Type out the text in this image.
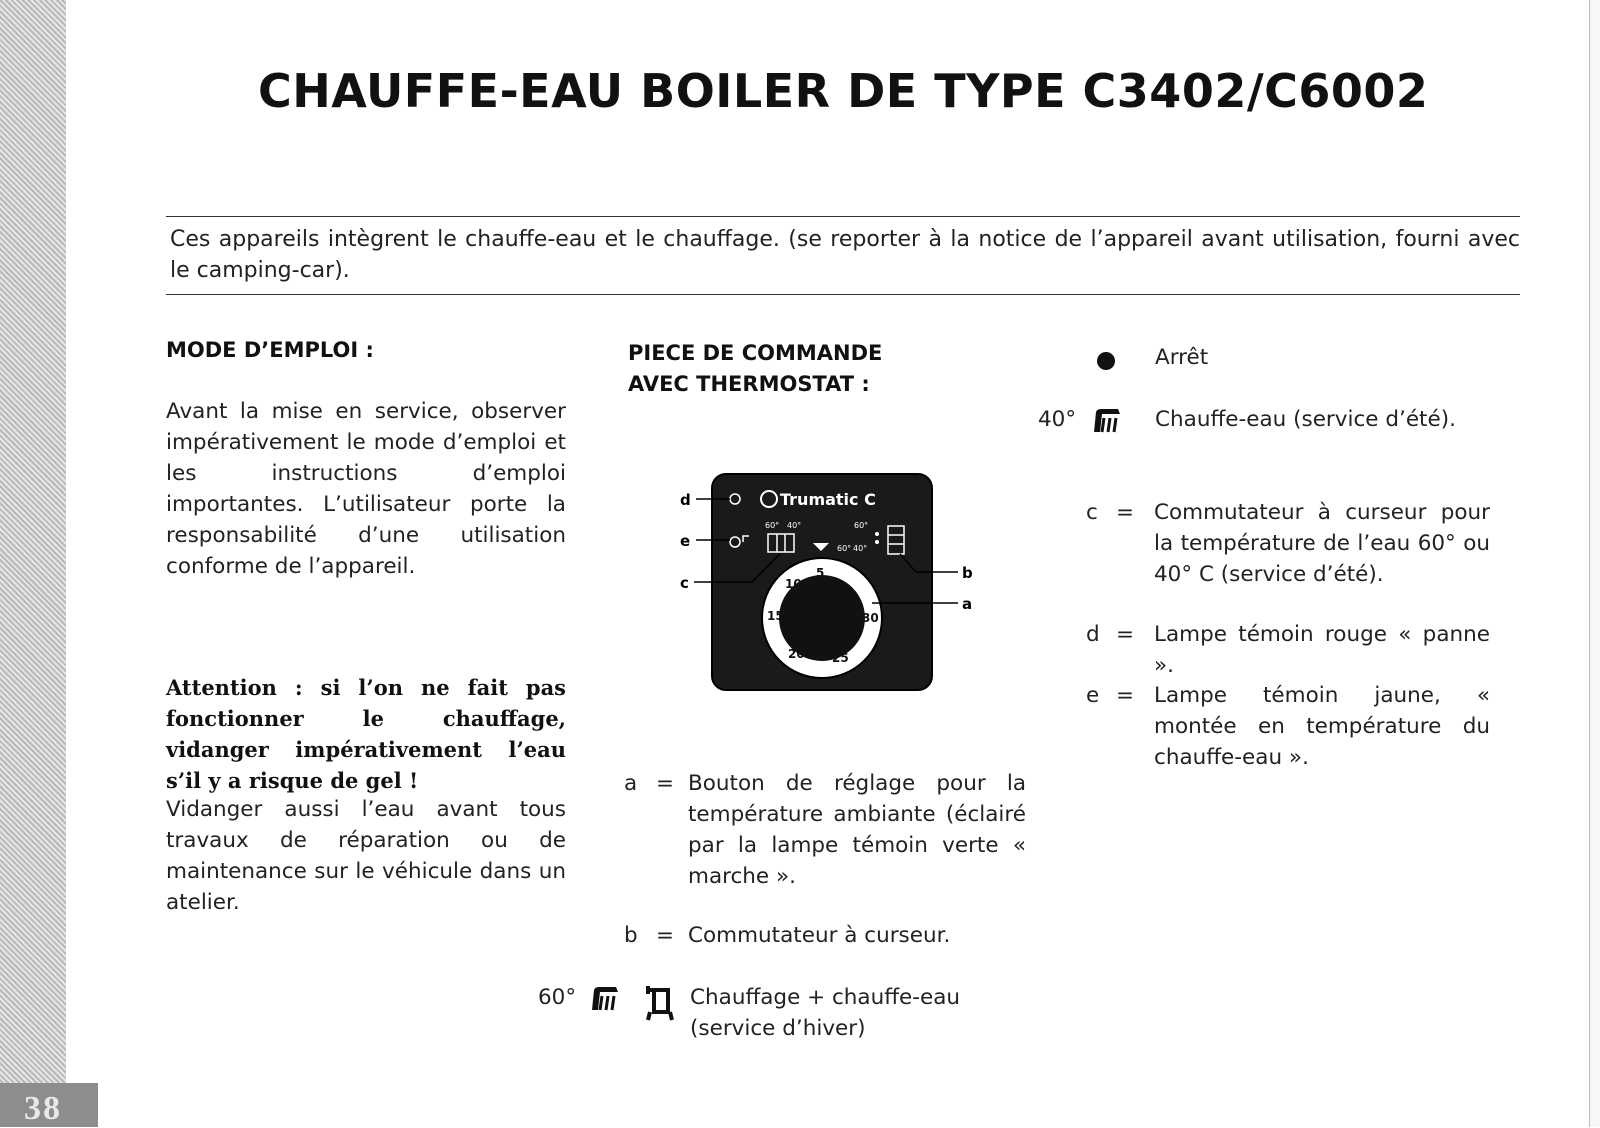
38
CHAUFFE-EAU BOILER DE TYPE C3402/C6002
Ces appareils intègrent le chauffe-eau et le chauffage. (se reporter à la notice de l’appareil avant utilisation, fourni avec le camping-car).
MODE D’EMPLOI :
Avant la mise en service, observer impérativement le mode d’emploi et les instructions d’emploi importantes. L’utilisateur porte la responsabilité d’une utilisation conforme de l’appareil.
Attention : si l’on ne fait pas fonctionner le chauffage, vidanger impérativement l’eau s’il y a risque de gel !
Vidanger aussi l’eau avant tous travaux de réparation ou de maintenance sur le véhicule dans un atelier.
PIECE DE COMMANDE
AVEC THERMOSTAT :
Trumatic C
60° 40°	60°
60° 40°
5
10
15
20 25
30
d
e
c
b
a
a = Bouton de réglage pour la température ambiante (éclairé par la lampe témoin verte « marche ».
b = Commutateur à curseur.
60°	Chauffage + chauffe-eau
(service d’hiver)
Arrêt
40°	Chauffe-eau (service d’été).
c = Commutateur à curseur pour la température de l’eau 60° ou 40° C (service d’été).
d = Lampe témoin rouge « panne ».
e = Lampe témoin jaune, « montée en température du chauffe-eau ».
